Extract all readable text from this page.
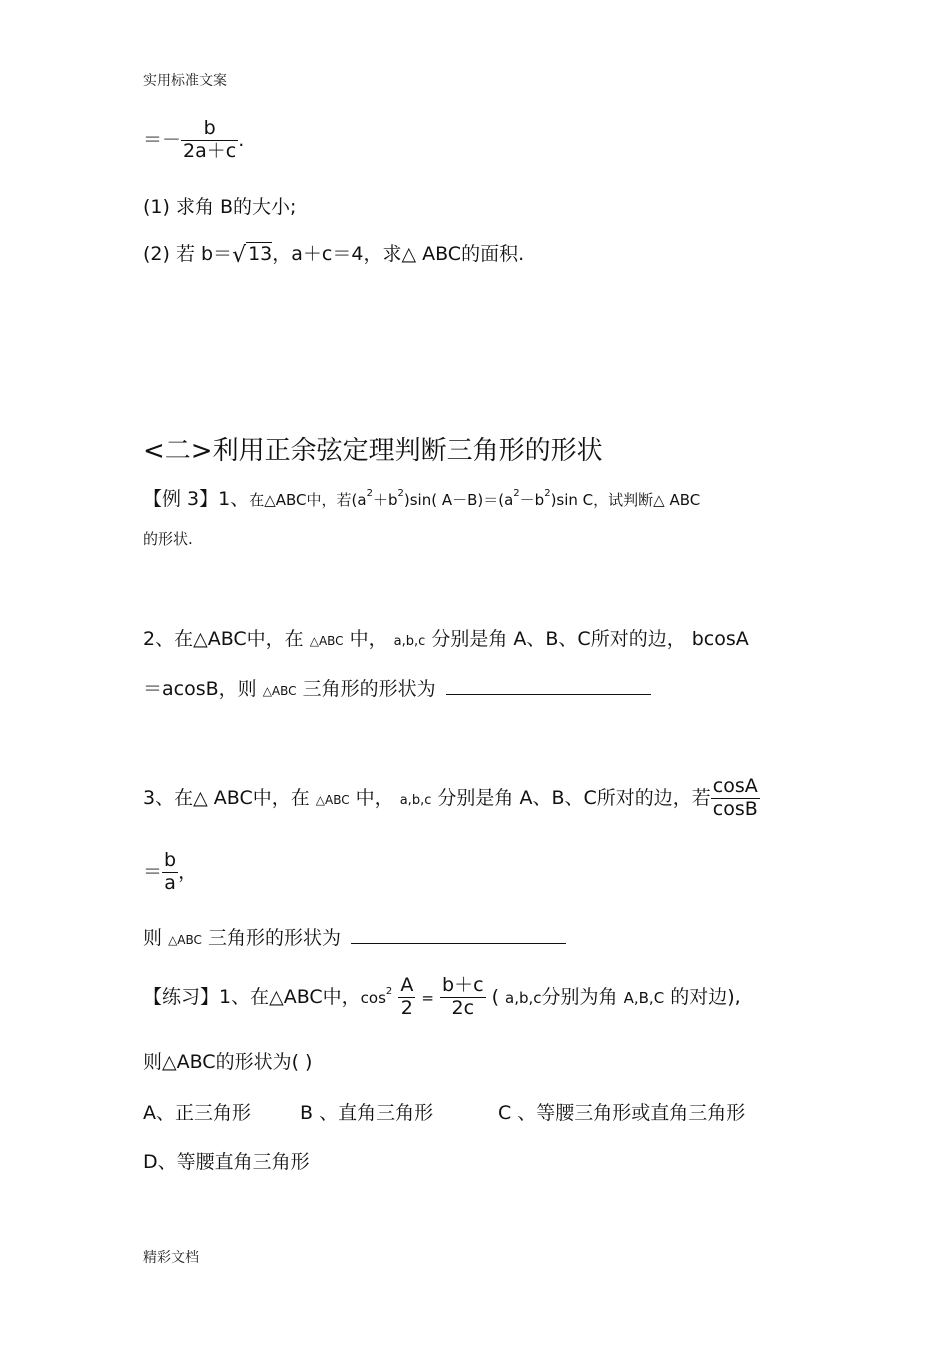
实用标准文案
＝－ $\frac{b}{2a+c}$ .
(1) 求角 B的大小;
(2) 若 b＝√ 13，a＋c＝4，求△ ABC的面积.
<二>利用正余弦定理判断三角形的形状
【例 3】1、在△ABC中，若$(a^2+b^2)\sin$( $A-B)=(a^2-b^2)\sin$ C，试判断△ ABC
的形状.
2、在△ABC中，在 △ABC 中， a,b,c 分别是角 A、B、C所对的边， bcosA
＝acosB，则 △ABC 三角形的形状为
3、在△ ABC中，在 △ABC 中， a,b,c 分别是角 A、B、C所对的边，若 $\frac{\cos A}{\cos B}$
＝ $\frac{b}{a}$ ，
则 △ABC 三角形的形状为
【练习】1、在△ABC中，$\cos^2 \frac{A}{2} = \frac{b+c}{2c}$ ( a,b,c分别为角 A,B,C 的对边),
则△ABC的形状为( )
A、正三角形	B 、直角三角形	C 、等腰三角形或直角三角形
D、等腰直角三角形
精彩文档
